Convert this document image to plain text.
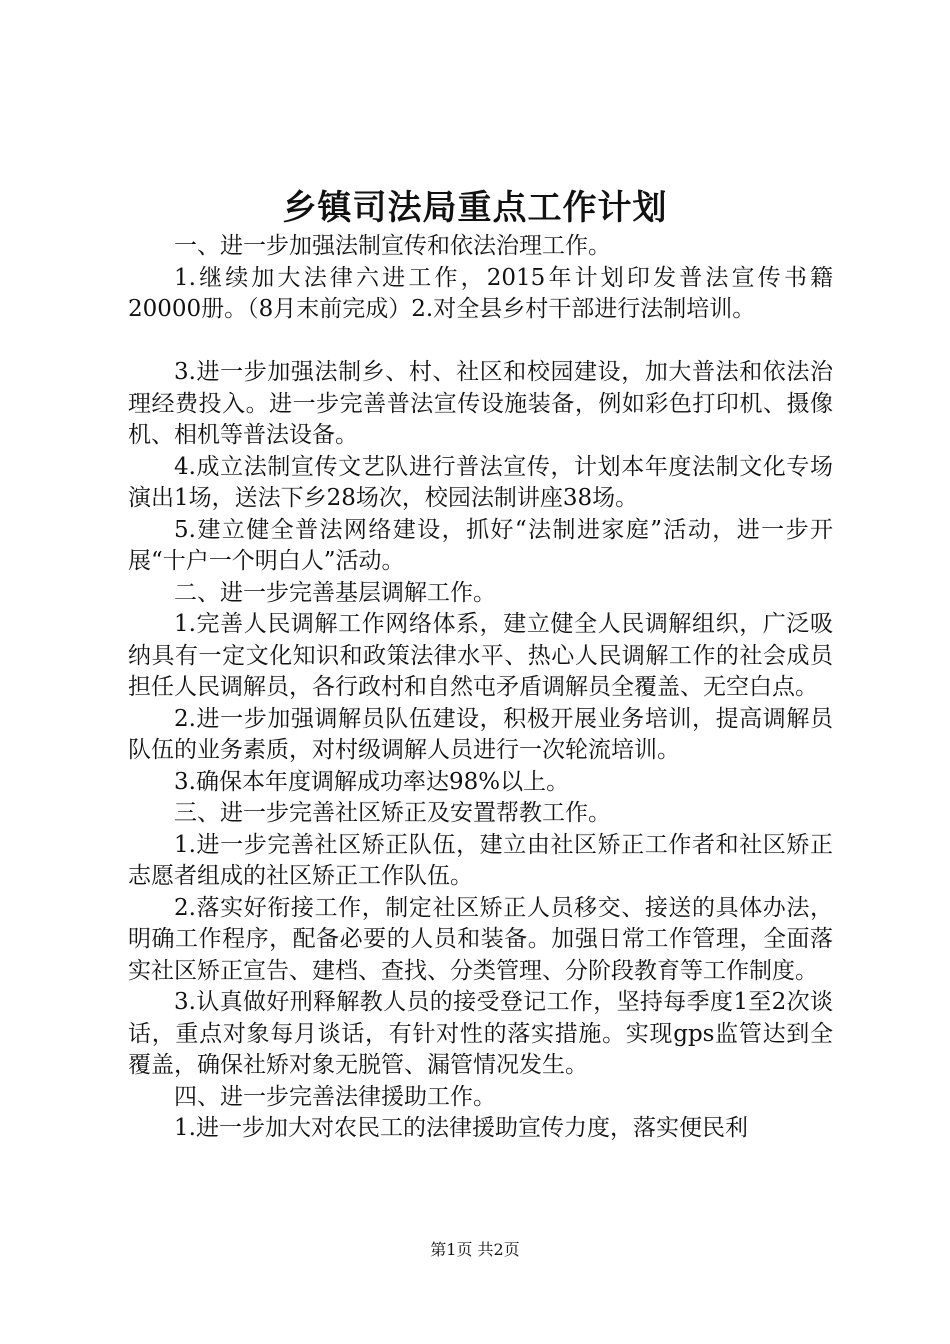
乡镇司法局重点工作计划

一、进一步加强法制宣传和依法治理工作。

1.继续加大法律六进工作，2015年计划印发普法宣传书籍20000册。（8月末前完成）2.对全县乡村干部进行法制培训。

3.进一步加强法制乡、村、社区和校园建设，加大普法和依法治理经费投入。进一步完善普法宣传设施装备，例如彩色打印机、摄像机、相机等普法设备。

4.成立法制宣传文艺队进行普法宣传，计划本年度法制文化专场演出1场，送法下乡28场次，校园法制讲座38场。

5.建立健全普法网络建设，抓好“法制进家庭”活动，进一步开展“十户一个明白人”活动。

二、进一步完善基层调解工作。

1.完善人民调解工作网络体系，建立健全人民调解组织，广泛吸纳具有一定文化知识和政策法律水平、热心人民调解工作的社会成员担任人民调解员，各行政村和自然屯矛盾调解员全覆盖、无空白点。

2.进一步加强调解员队伍建设，积极开展业务培训，提高调解员队伍的业务素质，对村级调解人员进行一次轮流培训。

3.确保本年度调解成功率达98%以上。

三、进一步完善社区矫正及安置帮教工作。

1.进一步完善社区矫正队伍，建立由社区矫正工作者和社区矫正志愿者组成的社区矫正工作队伍。

2.落实好衔接工作，制定社区矫正人员移交、接送的具体办法，明确工作程序，配备必要的人员和装备。加强日常工作管理，全面落实社区矫正宣告、建档、查找、分类管理、分阶段教育等工作制度。

3.认真做好刑释解教人员的接受登记工作，坚持每季度1至2次谈话，重点对象每月谈话，有针对性的落实措施。实现gps监管达到全覆盖，确保社矫对象无脱管、漏管情况发生。

四、进一步完善法律援助工作。

1.进一步加大对农民工的法律援助宣传力度，落实便民利

第1页 共2页
